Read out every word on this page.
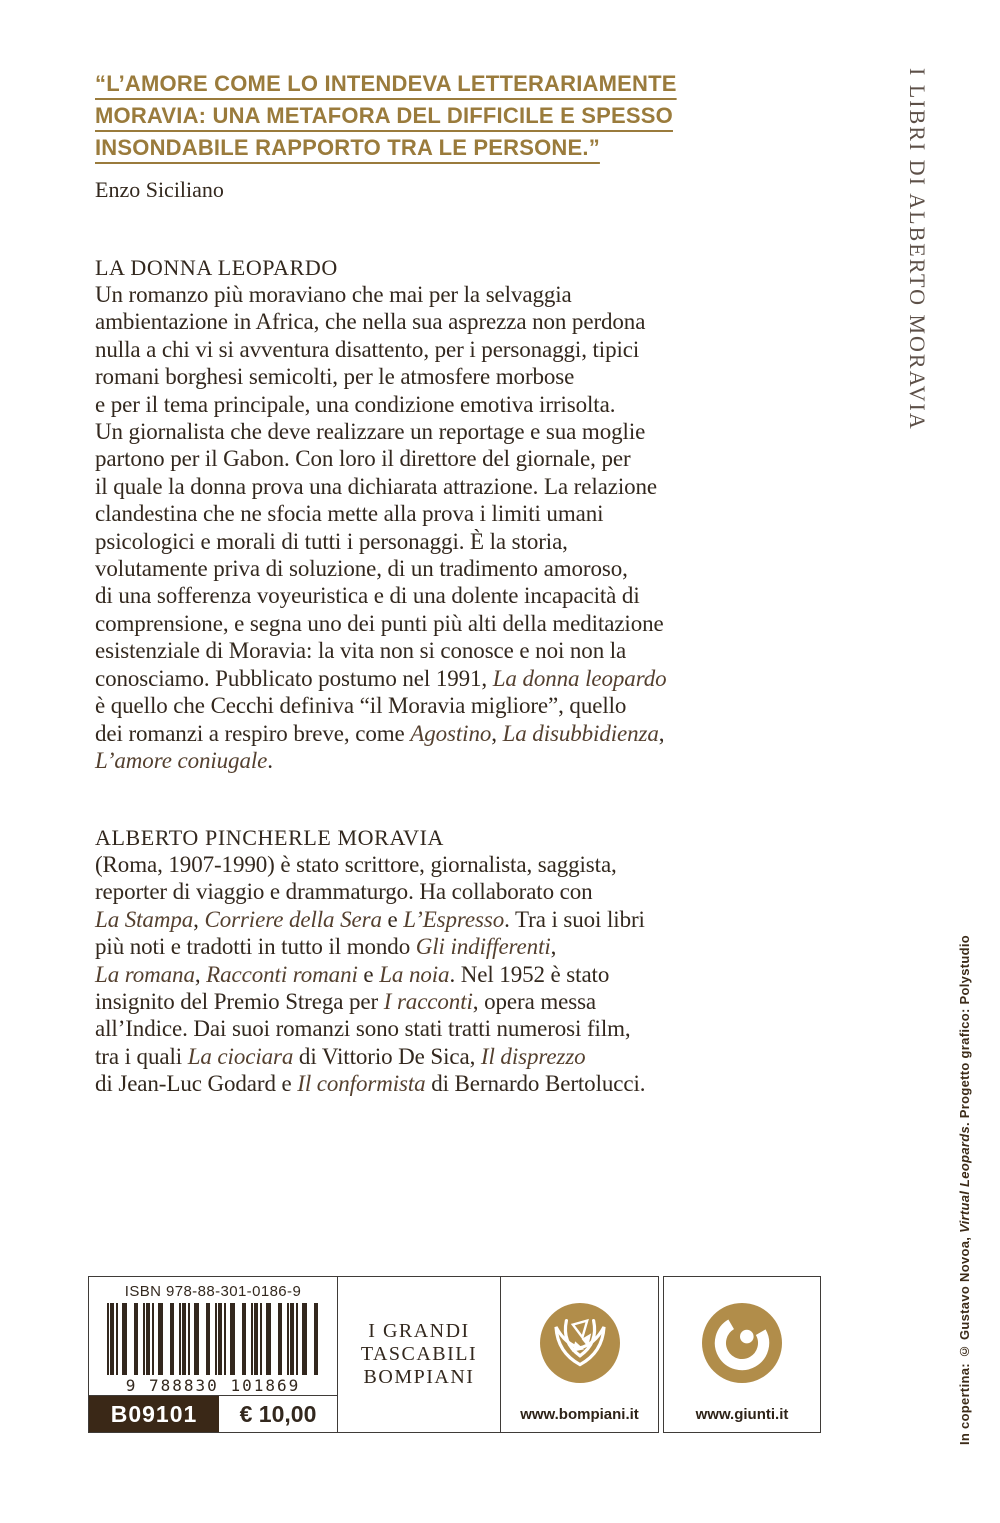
“L’AMORE COME LO INTENDEVA LETTERARIAMENTE
MORAVIA: UNA METAFORA DEL DIFFICILE E SPESSO
INSONDABILE RAPPORTO TRA LE PERSONE.”
Enzo Siciliano	I LIBRI DI ALBERTO MORAVIA
LA DONNA LEOPARDO
Un romanzo più moraviano che mai per la selvaggia
ambientazione in Africa, che nella sua asprezza non perdona
nulla a chi vi si avventura disattento, per i personaggi, tipici
romani borghesi semicolti, per le atmosfere morbose
e per il tema principale, una condizione emotiva irrisolta.
Un giornalista che deve realizzare un reportage e sua moglie
partono per il Gabon. Con loro il direttore del giornale, per
il quale la donna prova una dichiarata attrazione. La relazione
clandestina che ne sfocia mette alla prova i limiti umani
psicologici e morali di tutti i personaggi. È la storia,
volutamente priva di soluzione, di un tradimento amoroso,
di una sofferenza voyeuristica e di una dolente incapacità di
comprensione, e segna uno dei punti più alti della meditazione
esistenziale di Moravia: la vita non si conosce e noi non la
conosciamo. Pubblicato postumo nel 1991, La donna leopardo
è quello che Cecchi definiva “il Moravia migliore”, quello
dei romanzi a respiro breve, come Agostino, La disubbidienza,
L’amore coniugale.
ALBERTO PINCHERLE MORAVIA
(Roma, 1907-1990) è stato scrittore, giornalista, saggista,
reporter di viaggio e drammaturgo. Ha collaborato con
La Stampa, Corriere della Sera e L’Espresso. Tra i suoi libri
più noti e tradotti in tutto il mondo Gli indifferenti,
La romana, Racconti romani e La noia. Nel 1952 è stato
insignito del Premio Strega per I racconti, opera messa
all’Indice. Dai suoi romanzi sono stati tratti numerosi film,
tra i quali La ciociara di Vittorio De Sica, Il disprezzo
di Jean-Luc Godard e Il conformista di Bernardo Bertolucci.
In copertina: © Gustavo Novoa, Virtual Leopards. Progetto grafico: Polystudio
ISBN 978-88-301-0186-9
9 788830 101869
B09101	€ 10,00
I GRANDI
TASCABILI
BOMPIANI
www.bompiani.it	www.giunti.it
